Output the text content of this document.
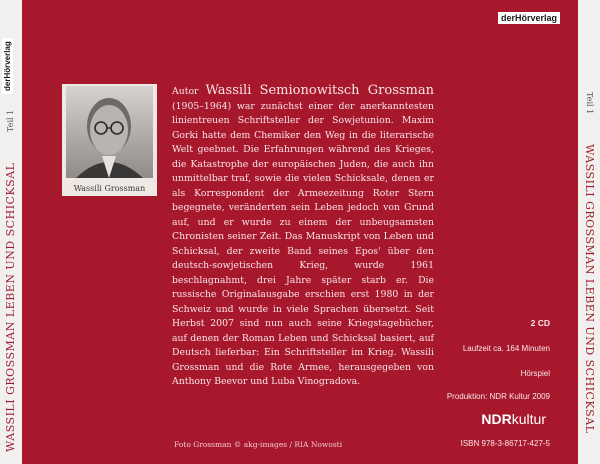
derHörverlag
WASSILI GROSSMAN LEBEN UND SCHICKSAL
Teil 1
derHörverlag
Wassili Grossman
Autor Wassili Semionowitsch Grossman (1905–1964) war zunächst einer der anerkanntesten linientreuen Schriftsteller der Sowjetunion. Maxim Gorki hatte dem Chemiker den Weg in die literarische Welt geebnet. Die Erfahrungen während des Krieges, die Katastrophe der europäischen Juden, die auch ihn unmittelbar traf, sowie die vielen Schicksale, denen er als Korrespondent der Armeezeitung Roter Stern begegnete, veränderten sein Leben jedoch von Grund auf, und er wurde zu einem der unbeugsamsten Chronisten seiner Zeit. Das Manuskript von Leben und Schicksal, der zweite Band seines Epos' über den deutsch-sowjetischen Krieg, wurde 1961 beschlagnahmt, drei Jahre später starb er. Die russische Originalausgabe erschien erst 1980 in der Schweiz und wurde in viele Sprachen übersetzt. Seit Herbst 2007 sind nun auch seine Kriegstagebücher, auf denen der Roman Leben und Schicksal basiert, auf Deutsch lieferbar: Ein Schriftsteller im Krieg. Wassili Grossman und die Rote Armee, herausgegeben von Anthony Beevor und Luba Vinogradova.
2 CD
Laufzeit ca. 164 Minuten
Hörspiel
Produktion: NDR Kultur 2009
NDRkultur
ISBN 978-3-86717-427-5
Foto Grossman © akg-images / RIA Nowosti
WASSILI GROSSMAN LEBEN UND SCHICKSAL
Teil 1
